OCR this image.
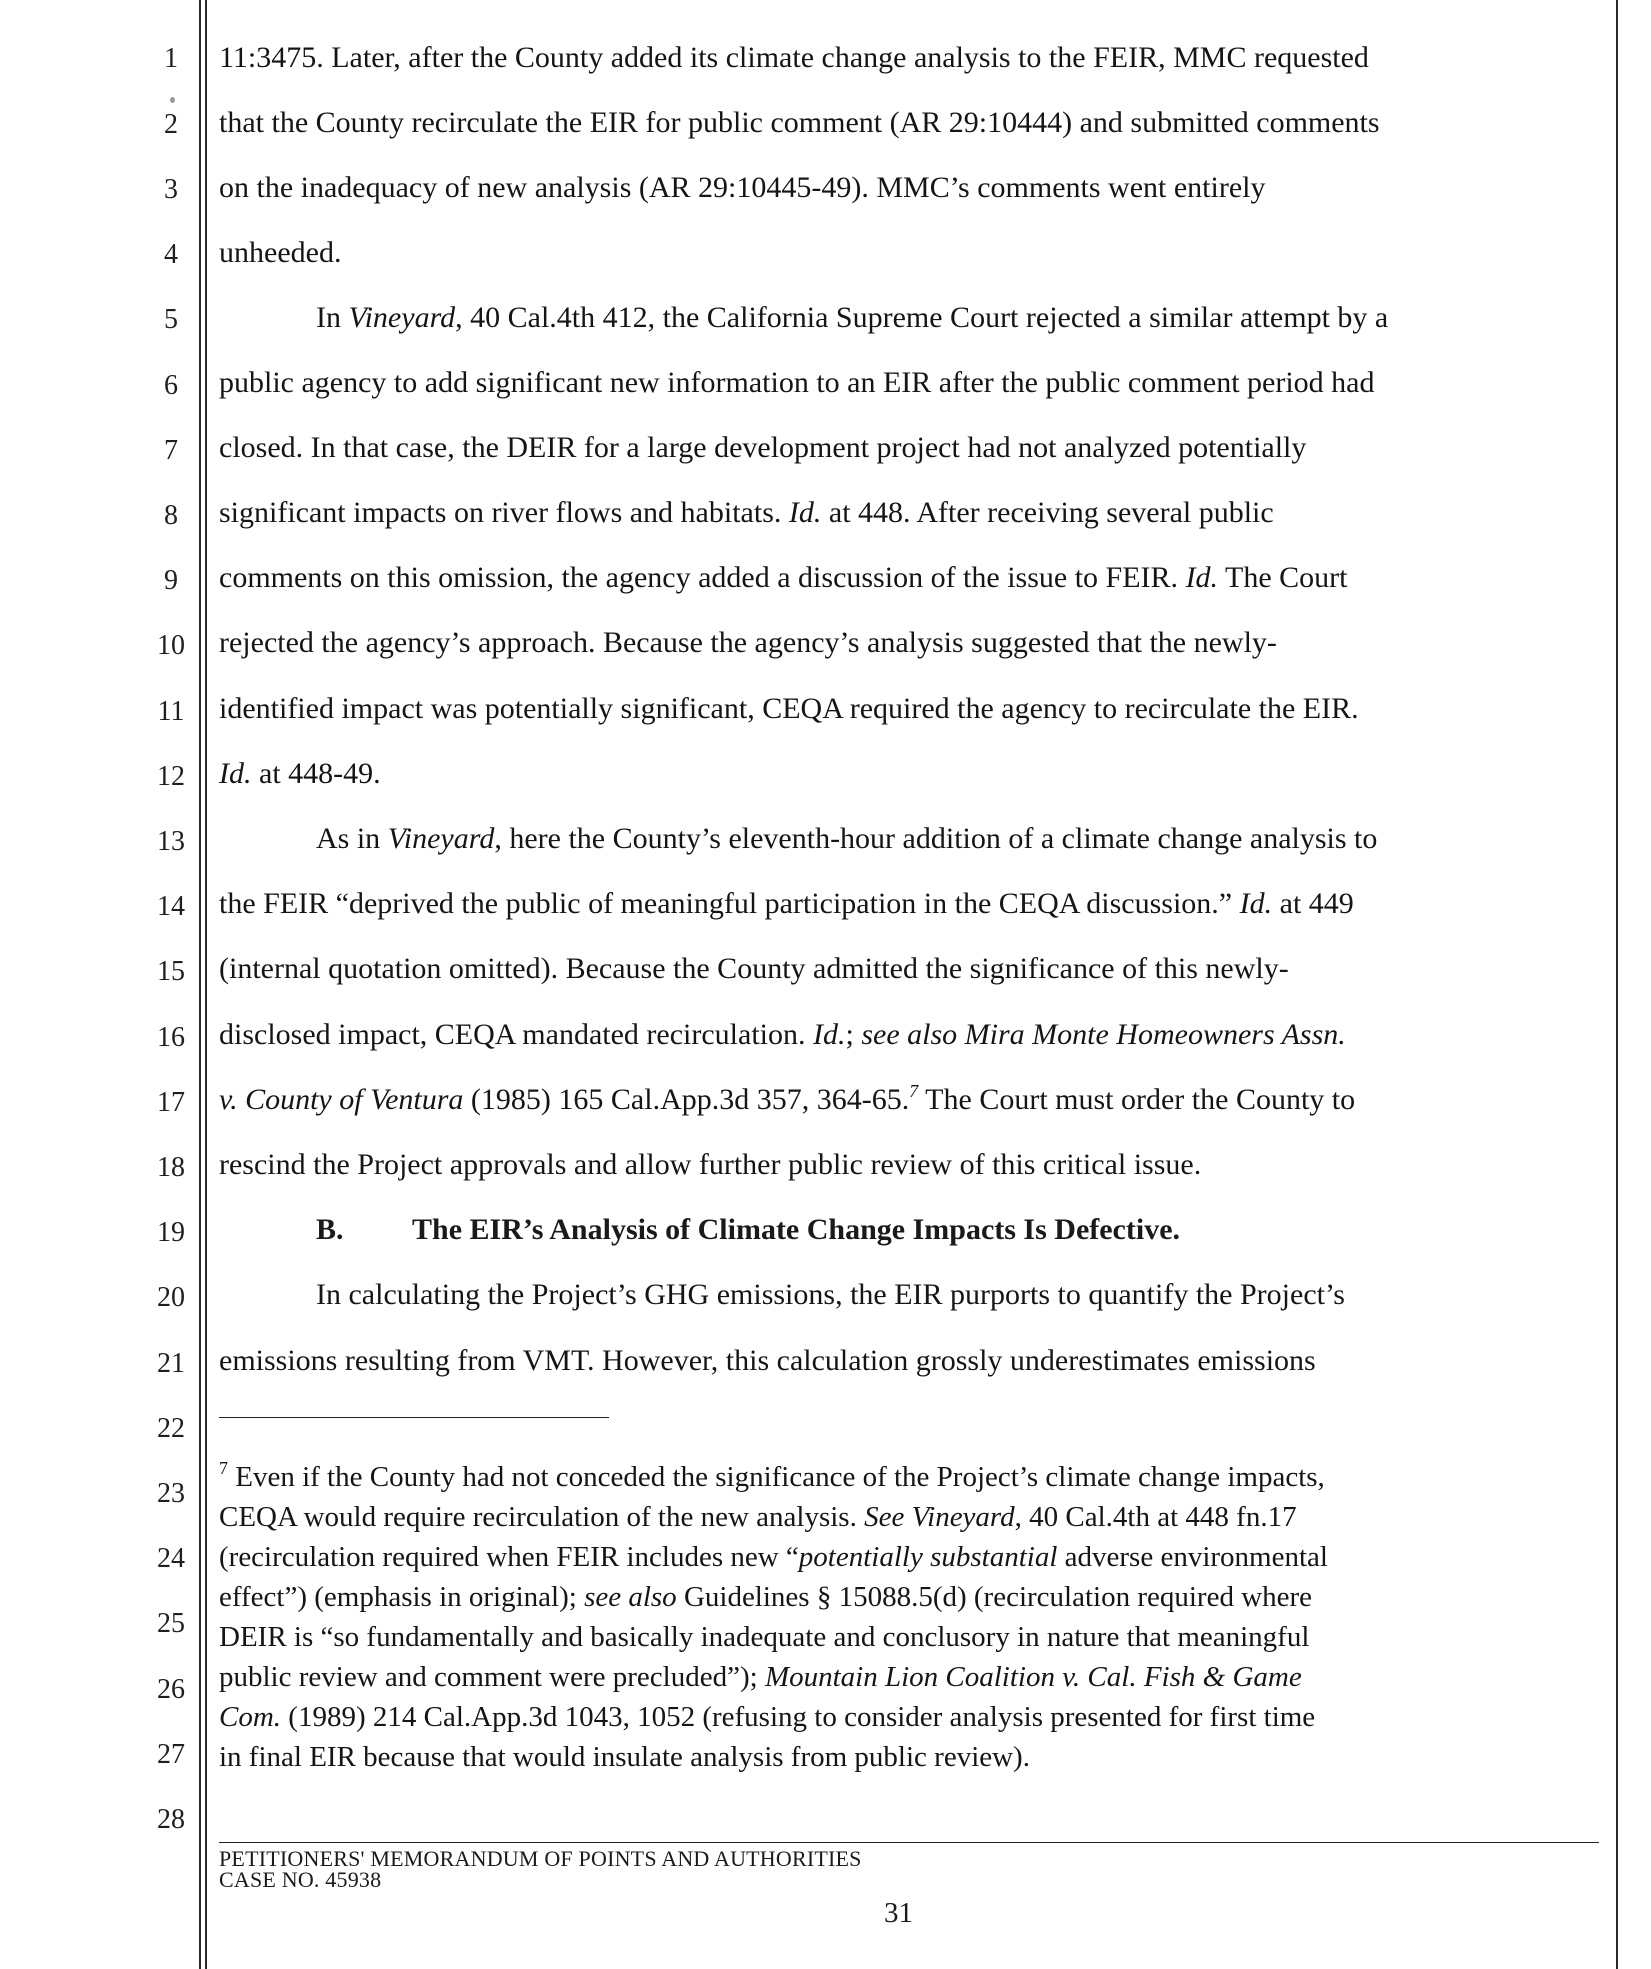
1
2
3
4
5
6
7
8
9
10
11
12
13
14
15
16
17
18
19
20
21
22
23
24
25
26
27
28
11:3475. Later, after the County added its climate change analysis to the FEIR, MMC requested
that the County recirculate the EIR for public comment (AR 29:10444) and submitted comments
on the inadequacy of new analysis (AR 29:10445-49). MMC’s comments went entirely
unheeded.
In Vineyard, 40 Cal.4th 412, the California Supreme Court rejected a similar attempt by a
public agency to add significant new information to an EIR after the public comment period had
closed. In that case, the DEIR for a large development project had not analyzed potentially
significant impacts on river flows and habitats. Id. at 448. After receiving several public
comments on this omission, the agency added a discussion of the issue to FEIR. Id. The Court
rejected the agency’s approach. Because the agency’s analysis suggested that the newly-
identified impact was potentially significant, CEQA required the agency to recirculate the EIR.
Id. at 448-49.
As in Vineyard, here the County’s eleventh-hour addition of a climate change analysis to
the FEIR “deprived the public of meaningful participation in the CEQA discussion.” Id. at 449
(internal quotation omitted). Because the County admitted the significance of this newly-
disclosed impact, CEQA mandated recirculation. Id.; see also Mira Monte Homeowners Assn.
v. County of Ventura (1985) 165 Cal.App.3d 357, 364-65.$^7$ The Court must order the County to
rescind the Project approvals and allow further public review of this critical issue.
B. The EIR’s Analysis of Climate Change Impacts Is Defective.
In calculating the Project’s GHG emissions, the EIR purports to quantify the Project’s
emissions resulting from VMT. However, this calculation grossly underestimates emissions
$^7$ Even if the County had not conceded the significance of the Project’s climate change impacts,
CEQA would require recirculation of the new analysis. See Vineyard, 40 Cal.4th at 448 fn.17
(recirculation required when FEIR includes new “potentially substantial adverse environmental
effect”) (emphasis in original); see also Guidelines § 15088.5(d) (recirculation required where
DEIR is “so fundamentally and basically inadequate and conclusory in nature that meaningful
public review and comment were precluded”); Mountain Lion Coalition v. Cal. Fish & Game
Com. (1989) 214 Cal.App.3d 1043, 1052 (refusing to consider analysis presented for first time
in final EIR because that would insulate analysis from public review).
PETITIONERS' MEMORANDUM OF POINTS AND AUTHORITIES
CASE NO. 45938
31
